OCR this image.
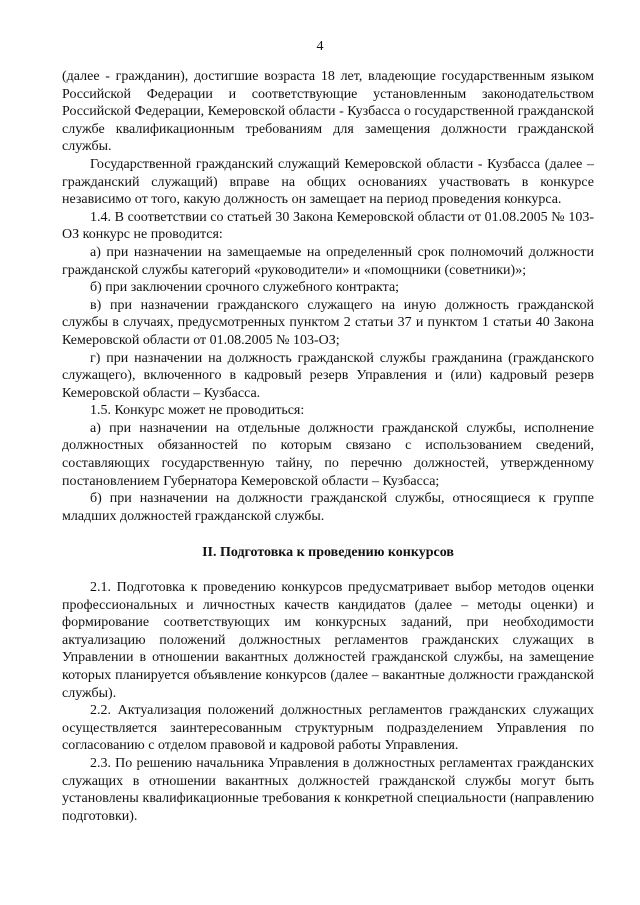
4

(далее - гражданин), достигшие возраста 18 лет, владеющие государственным языком Российской Федерации и соответствующие установленным законодательством Российской Федерации, Кемеровской области - Кузбасса о государственной гражданской службе квалификационным требованиям для замещения должности гражданской службы.

Государственной гражданский служащий Кемеровской области - Кузбасса (далее – гражданский служащий) вправе на общих основаниях участвовать в конкурсе независимо от того, какую должность он замещает на период проведения конкурса.

1.4. В соответствии со статьей 30 Закона Кемеровской области от 01.08.2005 № 103-ОЗ конкурс не проводится:

а) при назначении на замещаемые на определенный срок полномочий должности гражданской службы категорий «руководители» и «помощники (советники)»;

б) при заключении срочного служебного контракта;

в) при назначении гражданского служащего на иную должность гражданской службы в случаях, предусмотренных пунктом 2 статьи 37 и пунктом 1 статьи 40 Закона Кемеровской области от 01.08.2005 № 103-ОЗ;

г) при назначении на должность гражданской службы гражданина (гражданского служащего), включенного в кадровый резерв Управления и (или) кадровый резерв Кемеровской области – Кузбасса.

1.5. Конкурс может не проводиться:

а) при назначении на отдельные должности гражданской службы, исполнение должностных обязанностей по которым связано с использованием сведений, составляющих государственную тайну, по перечню должностей, утвержденному постановлением Губернатора Кемеровской области – Кузбасса;

б) при назначении на должности гражданской службы, относящиеся к группе младших должностей гражданской службы.

II. Подготовка к проведению конкурсов

2.1. Подготовка к проведению конкурсов предусматривает выбор методов оценки профессиональных и личностных качеств кандидатов (далее – методы оценки) и формирование соответствующих им конкурсных заданий, при необходимости актуализацию положений должностных регламентов гражданских служащих в Управлении в отношении вакантных должностей гражданской службы, на замещение которых планируется объявление конкурсов (далее – вакантные должности гражданской службы).

2.2. Актуализация положений должностных регламентов гражданских служащих осуществляется заинтересованным структурным подразделением Управления по согласованию с отделом правовой и кадровой работы Управления.

2.3. По решению начальника Управления в должностных регламентах гражданских служащих в отношении вакантных должностей гражданской службы могут быть установлены квалификационные требования к конкретной специальности (направлению подготовки).
